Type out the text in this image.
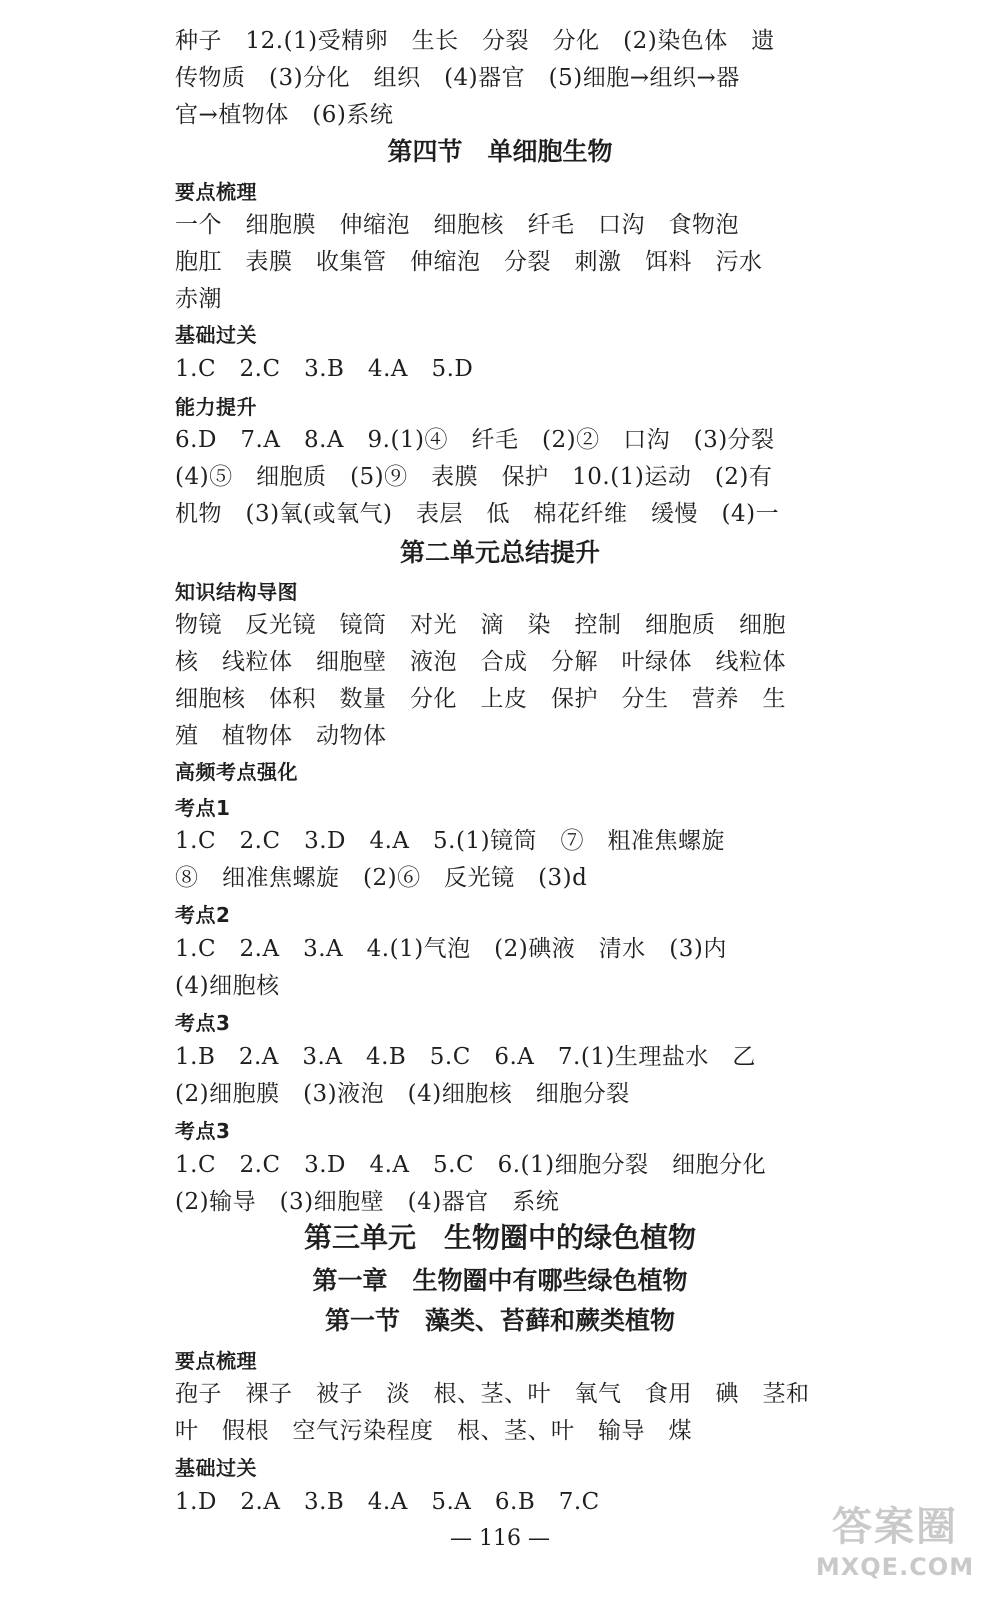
种子　12.(1)受精卵　生长　分裂　分化　(2)染色体　遗
传物质　(3)分化　组织　(4)器官　(5)细胞→组织→器
官→植物体　(6)系统
第四节　单细胞生物
要点梳理
一个　细胞膜　伸缩泡　细胞核　纤毛　口沟　食物泡
胞肛　表膜　收集管　伸缩泡　分裂　刺激　饵料　污水
赤潮
基础过关
1.C　2.C　3.B　4.A　5.D
能力提升
6.D　7.A　8.A　9.(1)④　纤毛　(2)②　口沟　(3)分裂
(4)⑤　细胞质　(5)⑨　表膜　保护　10.(1)运动　(2)有
机物　(3)氧(或氧气)　表层　低　棉花纤维　缓慢　(4)一
第二单元总结提升
知识结构导图
物镜　反光镜　镜筒　对光　滴　染　控制　细胞质　细胞
核　线粒体　细胞壁　液泡　合成　分解　叶绿体　线粒体
细胞核　体积　数量　分化　上皮　保护　分生　营养　生
殖　植物体　动物体
高频考点强化
考点1
1.C　2.C　3.D　4.A　5.(1)镜筒　⑦　粗准焦螺旋
⑧　细准焦螺旋　(2)⑥　反光镜　(3)d
考点2
1.C　2.A　3.A　4.(1)气泡　(2)碘液　清水　(3)内
(4)细胞核
考点3
1.B　2.A　3.A　4.B　5.C　6.A　7.(1)生理盐水　乙
(2)细胞膜　(3)液泡　(4)细胞核　细胞分裂
考点3
1.C　2.C　3.D　4.A　5.C　6.(1)细胞分裂　细胞分化
(2)输导　(3)细胞壁　(4)器官　系统
第三单元　生物圈中的绿色植物
第一章　生物圈中有哪些绿色植物
第一节　藻类、苔藓和蕨类植物
要点梳理
孢子　裸子　被子　淡　根、茎、叶　氧气　食用　碘　茎和
叶　假根　空气污染程度　根、茎、叶　输导　煤
基础过关
1.D　2.A　3.B　4.A　5.A　6.B　7.C
— 116 —	答案圈
MXQE.COM
